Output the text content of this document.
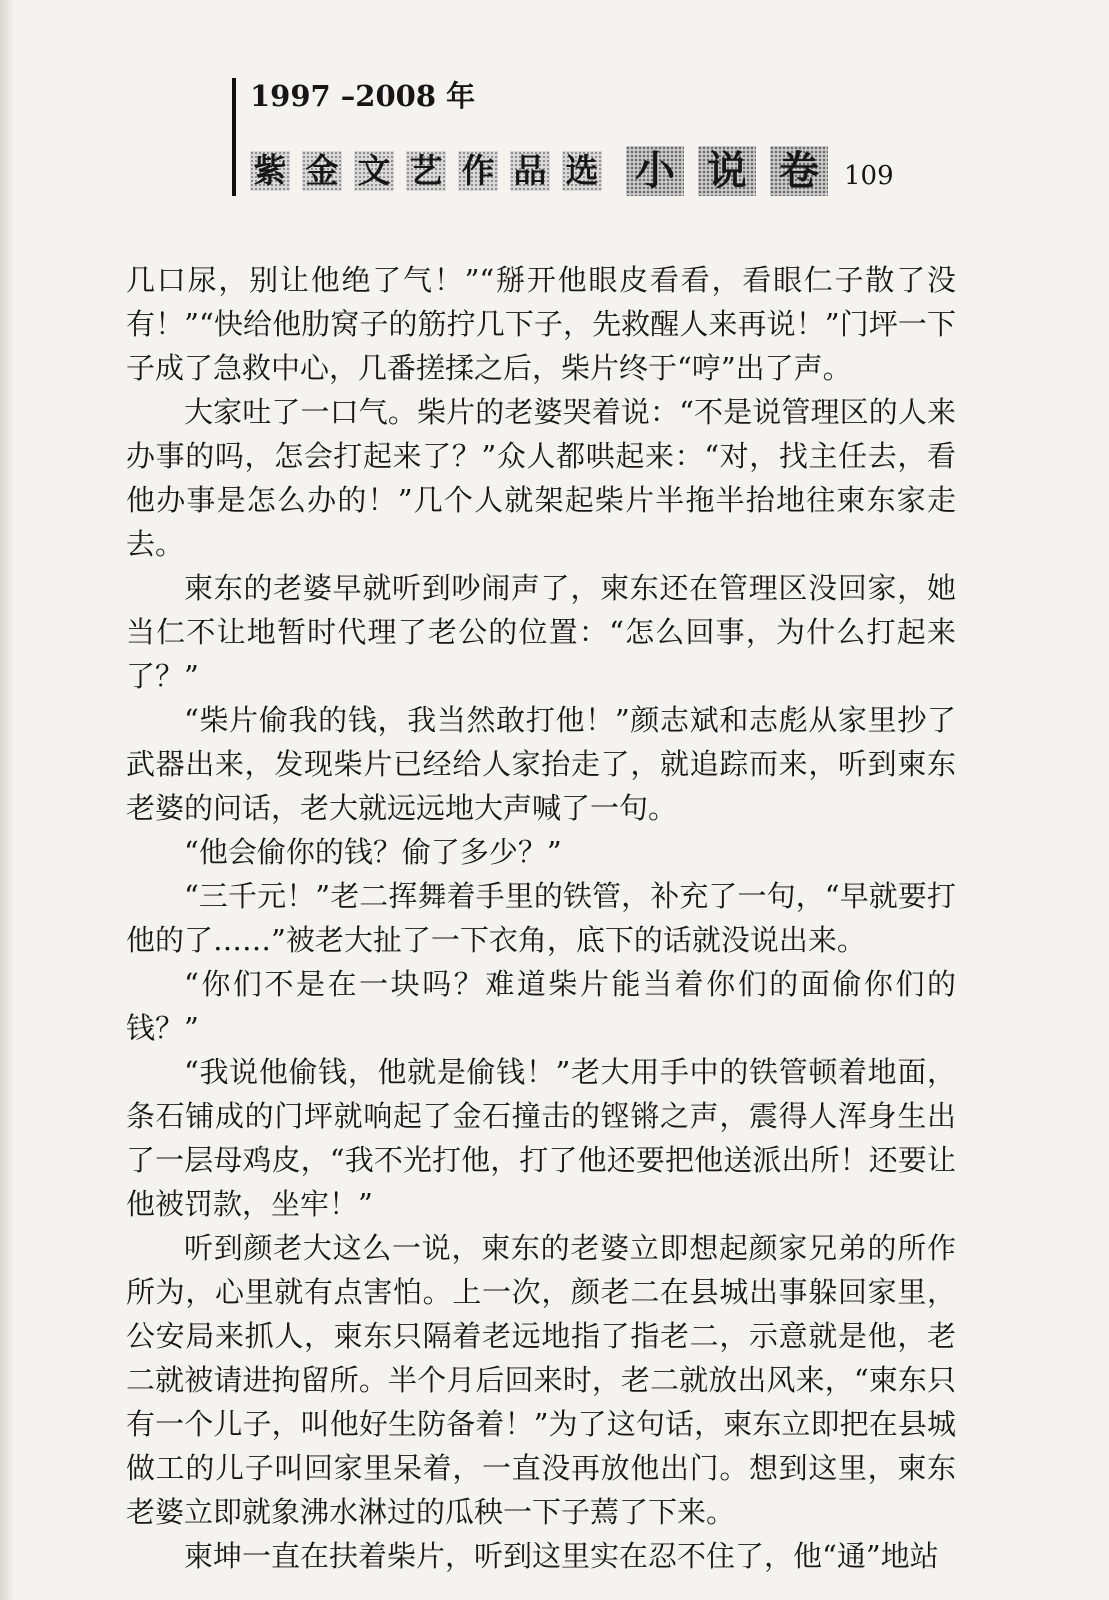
1997 –2008 年
紫 金 文 艺 作 品 选 小 说 卷 109

几口尿，别让他绝了气！”“掰开他眼皮看看，看眼仁子散了没有！”“快给他肋窝子的筋拧几下子，先救醒人来再说！”门坪一下子成了急救中心，几番搓揉之后，柴片终于“哼”出了声。

大家吐了一口气。柴片的老婆哭着说：“不是说管理区的人来办事的吗，怎会打起来了？”众人都哄起来：“对，找主任去，看他办事是怎么办的！”几个人就架起柴片半拖半抬地往柬东家走去。

柬东的老婆早就听到吵闹声了，柬东还在管理区没回家，她当仁不让地暂时代理了老公的位置：“怎么回事，为什么打起来了？”

“柴片偷我的钱，我当然敢打他！”颜志斌和志彪从家里抄了武器出来，发现柴片已经给人家抬走了，就追踪而来，听到柬东老婆的问话，老大就远远地大声喊了一句。

“他会偷你的钱？偷了多少？”

“三千元！”老二挥舞着手里的铁管，补充了一句，“早就要打他的了……”被老大扯了一下衣角，底下的话就没说出来。

“你们不是在一块吗？难道柴片能当着你们的面偷你们的钱？”

“我说他偷钱，他就是偷钱！”老大用手中的铁管顿着地面，条石铺成的门坪就响起了金石撞击的铿锵之声，震得人浑身生出了一层母鸡皮，“我不光打他，打了他还要把他送派出所！还要让他被罚款，坐牢！”

听到颜老大这么一说，柬东的老婆立即想起颜家兄弟的所作所为，心里就有点害怕。上一次，颜老二在县城出事躲回家里，公安局来抓人，柬东只隔着老远地指了指老二，示意就是他，老二就被请进拘留所。半个月后回来时，老二就放出风来，“柬东只有一个儿子，叫他好生防备着！”为了这句话，柬东立即把在县城做工的儿子叫回家里呆着，一直没再放他出门。想到这里，柬东老婆立即就象沸水淋过的瓜秧一下子蔫了下来。

柬坤一直在扶着柴片，听到这里实在忍不住了，他“通”地站
